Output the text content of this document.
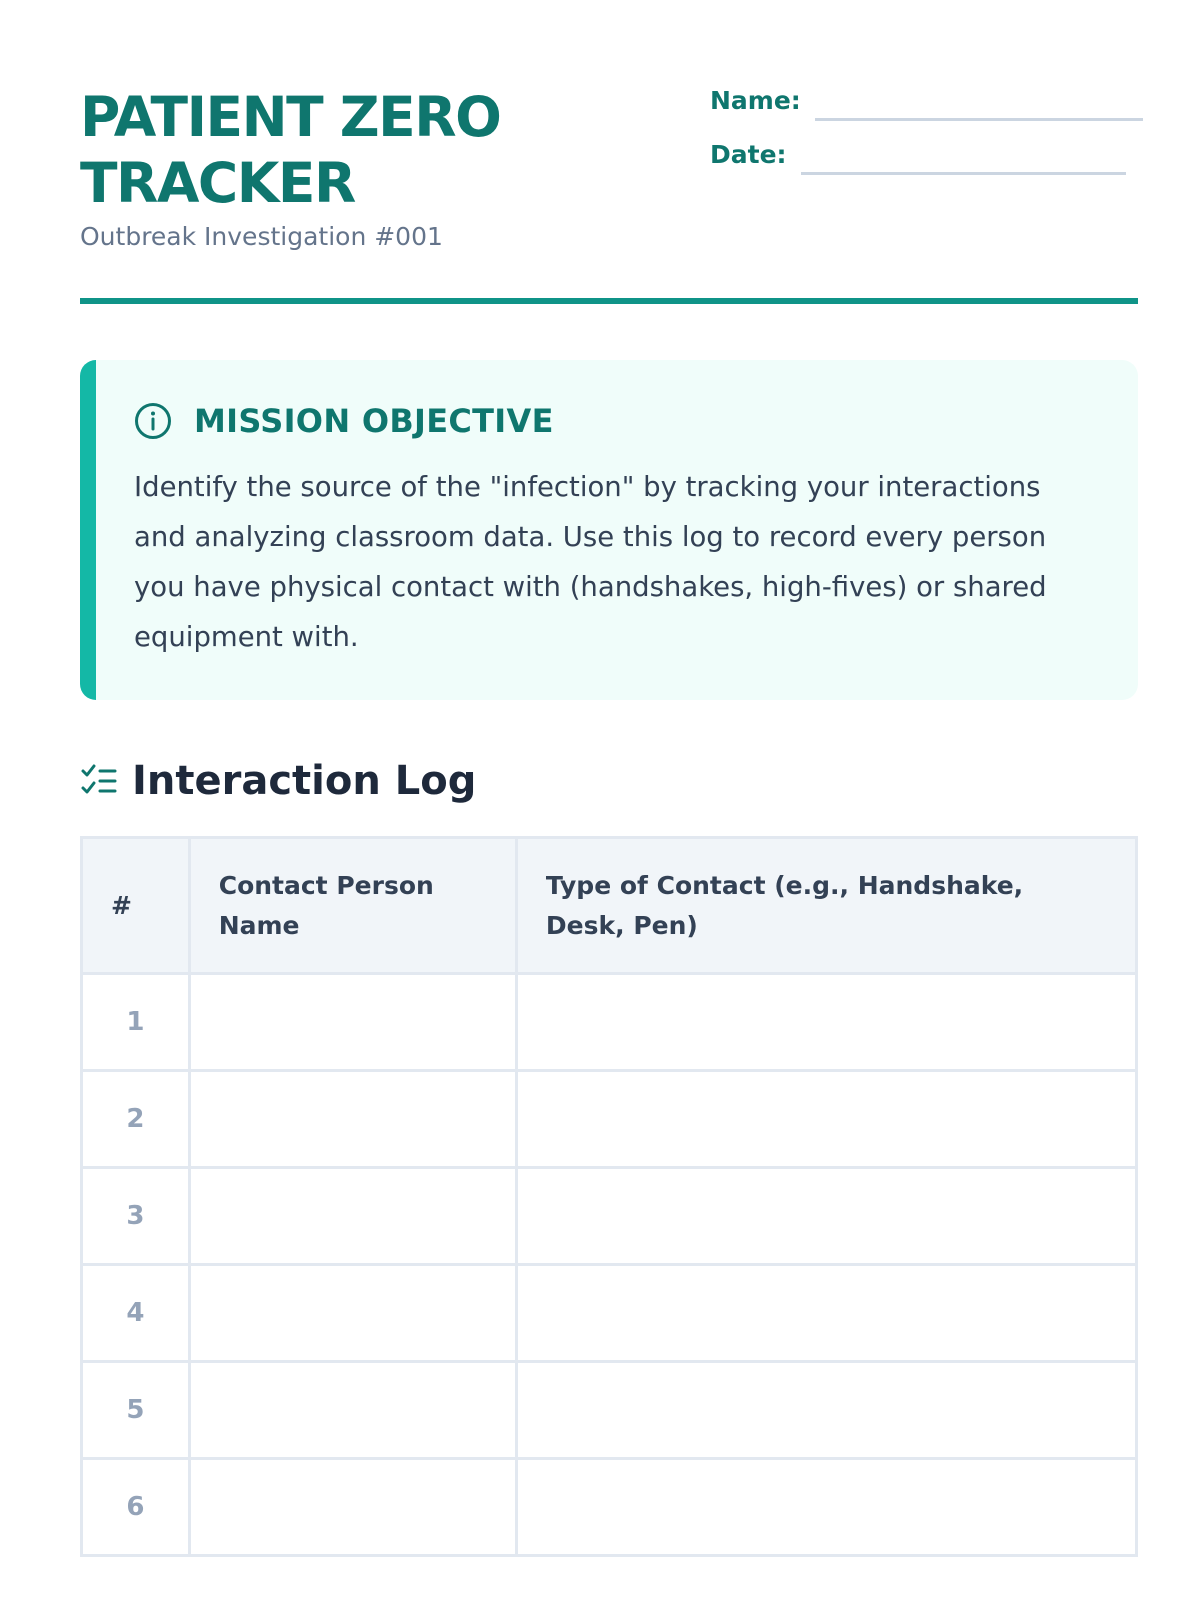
PATIENT ZERO TRACKER
Outbreak Investigation #001
Name:
Date:
MISSION OBJECTIVE

Identify the source of the "infection" by tracking your interactions and analyzing classroom data. Use this log to record every person you have physical contact with (handshakes, high-fives) or shared equipment with.

Interaction Log
#	Contact Person Name	Type of Contact (e.g., Handshake, Desk, Pen)
1		
2		
3		
4		
5		
6		
